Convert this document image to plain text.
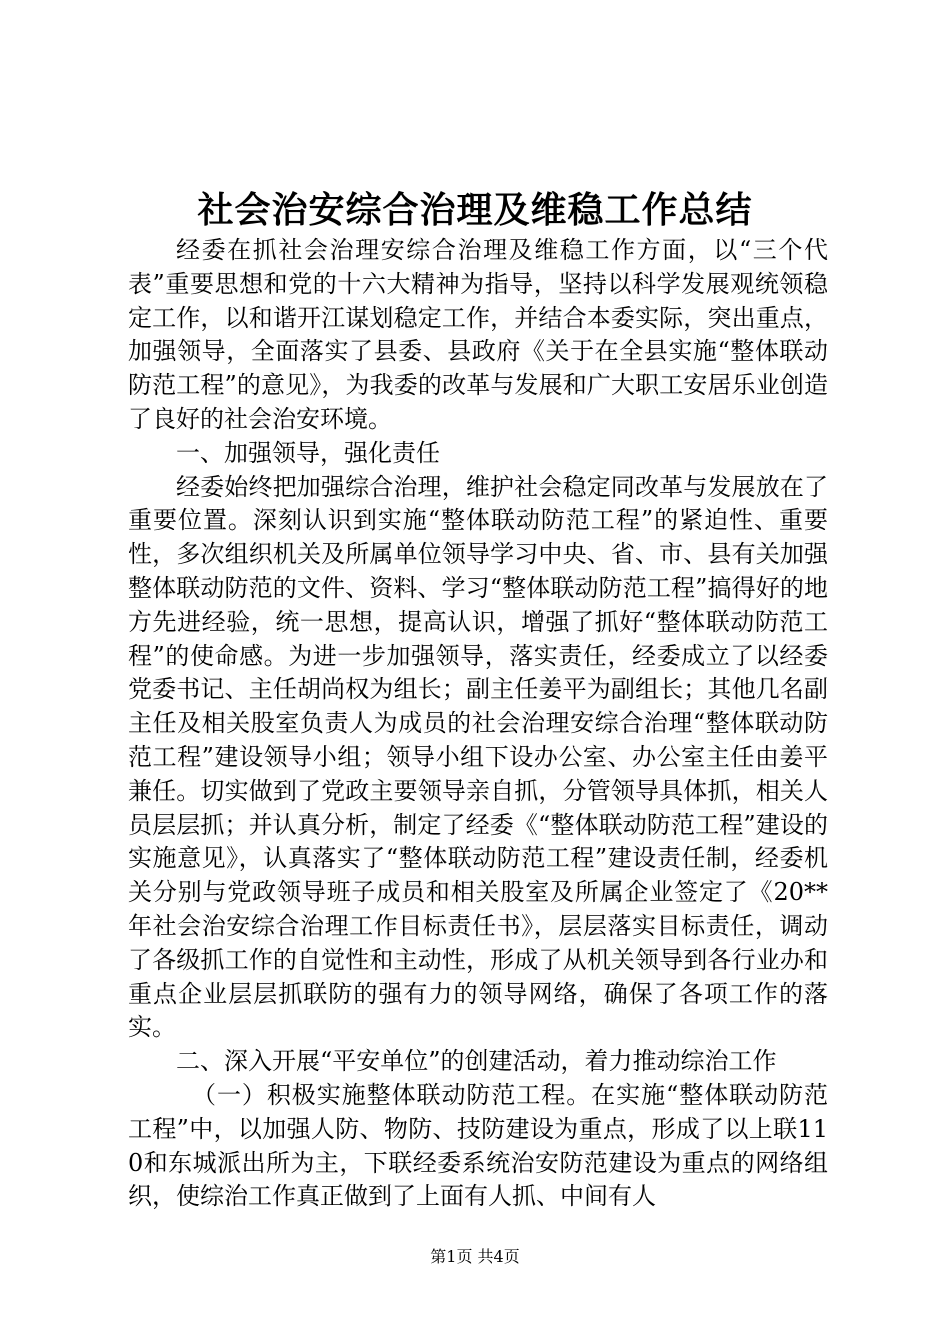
社会治安综合治理及维稳工作总结

经委在抓社会治理安综合治理及维稳工作方面，以“三个代表”重要思想和党的十六大精神为指导，坚持以科学发展观统领稳定工作，以和谐开江谋划稳定工作，并结合本委实际，突出重点，加强领导，全面落实了县委、县政府《关于在全县实施“整体联动防范工程”的意见》，为我委的改革与发展和广大职工安居乐业创造了良好的社会治安环境。

一、加强领导，强化责任

经委始终把加强综合治理，维护社会稳定同改革与发展放在了重要位置。深刻认识到实施“整体联动防范工程”的紧迫性、重要性，多次组织机关及所属单位领导学习中央、省、市、县有关加强整体联动防范的文件、资料、学习“整体联动防范工程”搞得好的地方先进经验，统一思想，提高认识，增强了抓好“整体联动防范工程”的使命感。为进一步加强领导，落实责任，经委成立了以经委党委书记、主任胡尚权为组长；副主任姜平为副组长；其他几名副主任及相关股室负责人为成员的社会治理安综合治理“整体联动防范工程”建设领导小组；领导小组下设办公室、办公室主任由姜平兼任。切实做到了党政主要领导亲自抓，分管领导具体抓，相关人员层层抓；并认真分析，制定了经委《“整体联动防范工程”建设的实施意见》，认真落实了“整体联动防范工程”建设责任制，经委机关分别与党政领导班子成员和相关股室及所属企业签定了《20**年社会治安综合治理工作目标责任书》，层层落实目标责任，调动了各级抓工作的自觉性和主动性，形成了从机关领导到各行业办和重点企业层层抓联防的强有力的领导网络，确保了各项工作的落实。

二、深入开展“平安单位”的创建活动，着力推动综治工作

（一）积极实施整体联动防范工程。在实施“整体联动防范工程”中，以加强人防、物防、技防建设为重点，形成了以上联110和东城派出所为主，下联经委系统治安防范建设为重点的网络组织，使综治工作真正做到了上面有人抓、中间有人

第1页 共4页
